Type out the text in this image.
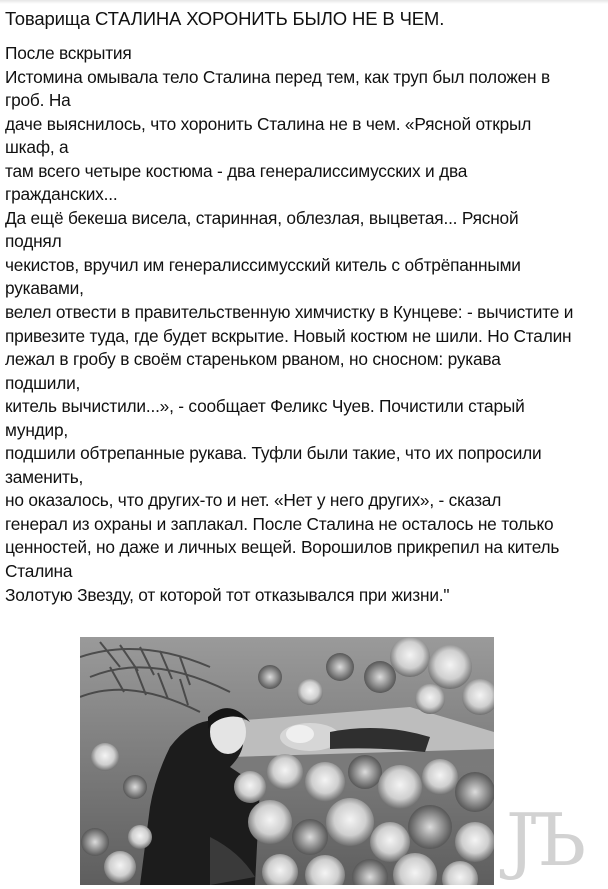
Товарища СТАЛИНА ХОРОНИТЬ БЫЛО НЕ В ЧЕМ.
После вскрытия
Истомина омывала тело Сталина перед тем, как труп был положен в
гроб. На
даче выяснилось, что хоронить Сталина не в чем. «Рясной открыл
шкаф, а
там всего четыре костюма - два генералиссимусских и два
гражданских...
Да ещё бекеша висела, старинная, облезлая, выцветая... Рясной
поднял
чекистов, вручил им генералиссимусский китель с обтрёпанными
рукавами,
велел отвести в правительственную химчистку в Кунцеве: - вычистите и
привезите туда, где будет вскрытие. Новый костюм не шили. Но Сталин
лежал в гробу в своём стареньком рваном, но сносном: рукава
подшили,
китель вычистили...», - сообщает Феликс Чуев. Почистили старый
мундир,
подшили обтрепанные рукава. Туфли были такие, что их попросили
заменить,
но оказалось, что других-то и нет. «Нет у него других», - сказал
генерал из охраны и заплакал. После Сталина не осталось не только
ценностей, но даже и личных вещей. Ворошилов прикрепил на китель
Сталина
Золотую Звезду, от которой тот отказывался при жизни."
JЪ
